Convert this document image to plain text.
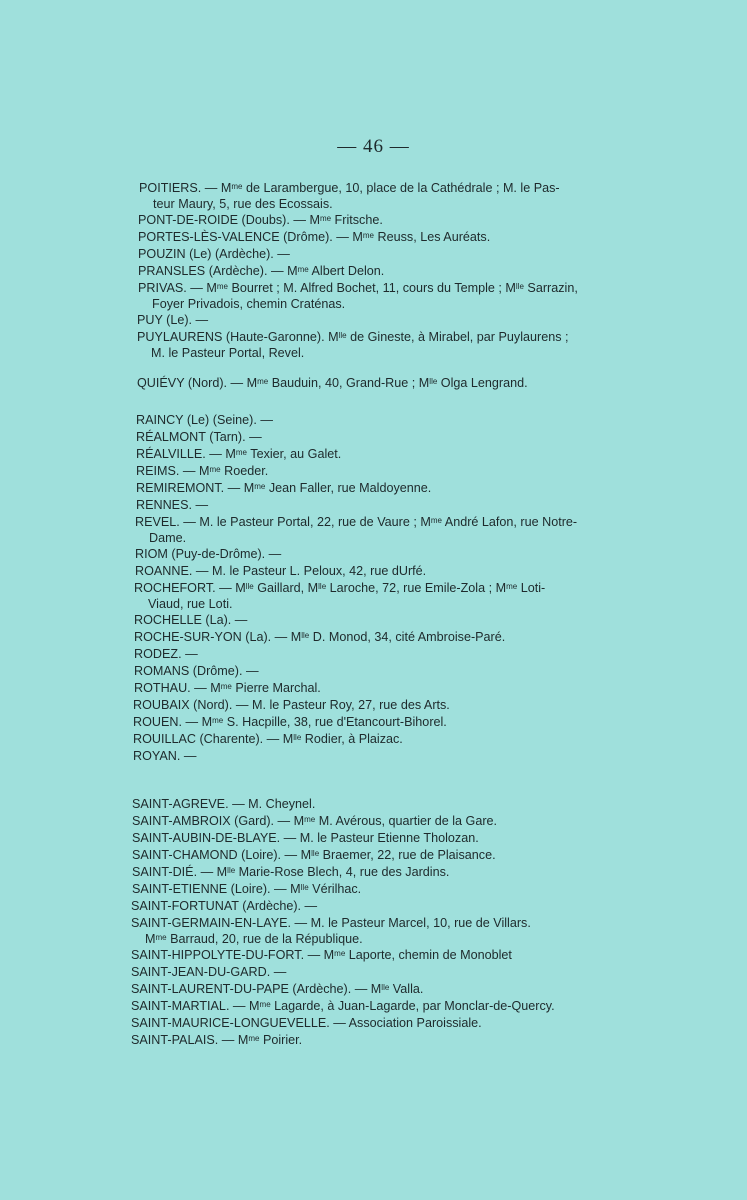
— 46 —
POITIERS. — $M^{me}$ de Larambergue, 10, place de la Cathédrale ; M. le Pas-
teur Maury, 5, rue des Ecossais.
PONT-DE-ROIDE (Doubs). — $M^{me}$ Fritsche.
PORTES-LÈS-VALENCE (Drôme). — $M^{me}$ Reuss, Les Auréats.
POUZIN (Le) (Ardèche). —
PRANSLES (Ardèche). — $M^{me}$ Albert Delon.
PRIVAS. — $M^{me}$ Bourret ; M. Alfred Bochet, 11, cours du Temple ; $M^{lle}$ Sarrazin,
Foyer Privadois, chemin Craténas.
PUY (Le). —
PUYLAURENS (Haute-Garonne). $M^{lle}$ de Gineste, à Mirabel, par Puylaurens ;
M. le Pasteur Portal, Revel.
QUIÉVY (Nord). — $M^{me}$ Bauduin, 40, Grand-Rue ; $M^{lle}$ Olga Lengrand.
RAINCY (Le) (Seine). —
RÉALMONT (Tarn). —
RÉALVILLE. — $M^{me}$ Texier, au Galet.
REIMS. — $M^{me}$ Roeder.
REMIREMONT. — $M^{me}$ Jean Faller, rue Maldoyenne.
RENNES. —
REVEL. — M. le Pasteur Portal, 22, rue de Vaure ; $M^{me}$ André Lafon, rue Notre-
Dame.
RIOM (Puy-de-Drôme). —
ROANNE. — M. le Pasteur L. Peloux, 42, rue dUrfé.
ROCHEFORT. — $M^{lle}$ Gaillard, $M^{lle}$ Laroche, 72, rue Emile-Zola ; $M^{me}$ Loti-
Viaud, rue Loti.
ROCHELLE (La). —
ROCHE-SUR-YON (La). — $M^{lle}$ D. Monod, 34, cité Ambroise-Paré.
RODEZ. —
ROMANS (Drôme). —
ROTHAU. — $M^{me}$ Pierre Marchal.
ROUBAIX (Nord). — M. le Pasteur Roy, 27, rue des Arts.
ROUEN. — $M^{me}$ S. Hacpille, 38, rue d'Etancourt-Bihorel.
ROUILLAC (Charente). — $M^{lle}$ Rodier, à Plaizac.
ROYAN. —
SAINT-AGREVE. — M. Cheynel.
SAINT-AMBROIX (Gard). — $M^{me}$ M. Avérous, quartier de la Gare.
SAINT-AUBIN-DE-BLAYE. — M. le Pasteur Etienne Tholozan.
SAINT-CHAMOND (Loire). — $M^{lle}$ Braemer, 22, rue de Plaisance.
SAINT-DIÉ. — $M^{lle}$ Marie-Rose Blech, 4, rue des Jardins.
SAINT-ETIENNE (Loire). — $M^{lle}$ Vérilhac.
SAINT-FORTUNAT (Ardèche). —
SAINT-GERMAIN-EN-LAYE. — M. le Pasteur Marcel, 10, rue de Villars.
$M^{me}$ Barraud, 20, rue de la République.
SAINT-HIPPOLYTE-DU-FORT. — $M^{me}$ Laporte, chemin de Monoblet
SAINT-JEAN-DU-GARD. —
SAINT-LAURENT-DU-PAPE (Ardèche). — $M^{lle}$ Valla.
SAINT-MARTIAL. — $M^{me}$ Lagarde, à Juan-Lagarde, par Monclar-de-Quercy.
SAINT-MAURICE-LONGUEVELLE. — Association Paroissiale.
SAINT-PALAIS. — $M^{me}$ Poirier.
